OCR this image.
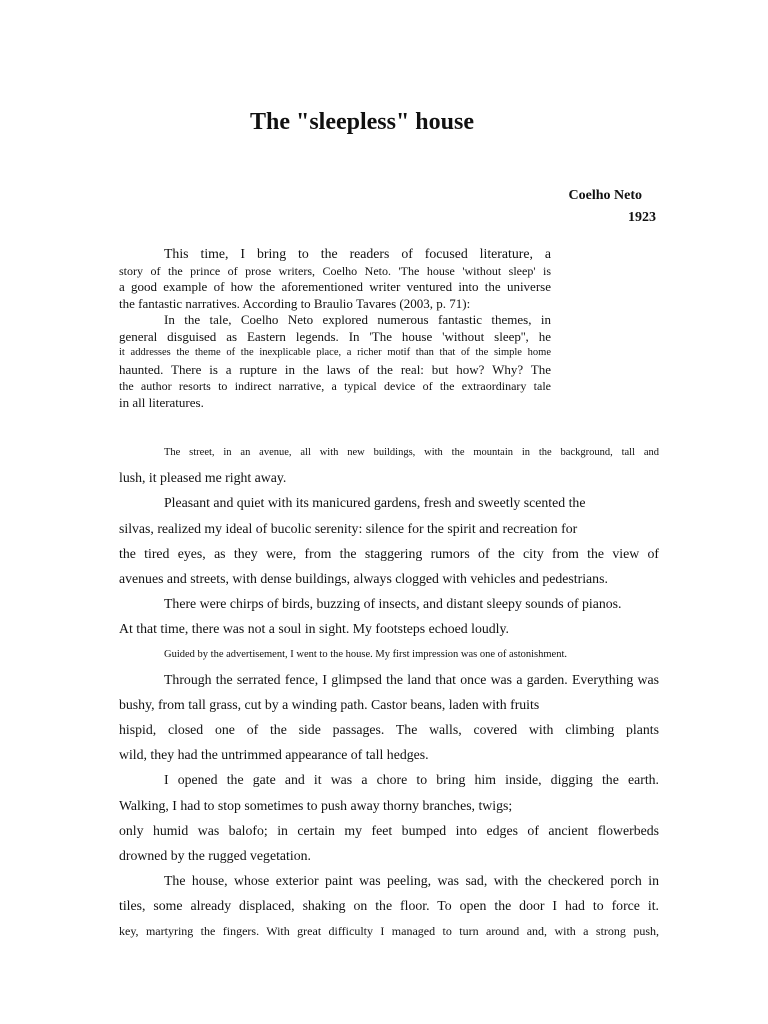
The "sleepless" house
Coelho Neto
1923
This time, I bring to the readers of focused literature, a
story of the prince of prose writers, Coelho Neto. 'The house 'without sleep' is
a good example of how the aforementioned writer ventured into the universe
the fantastic narratives. According to Braulio Tavares (2003, p. 71):
In the tale, Coelho Neto explored numerous fantastic themes, in
general disguised as Eastern legends. In 'The house 'without sleep'', he
it addresses the theme of the inexplicable place, a richer motif than that of the simple home
haunted. There is a rupture in the laws of the real: but how? Why? The
the author resorts to indirect narrative, a typical device of the extraordinary tale
in all literatures.
The street, in an avenue, all with new buildings, with the mountain in the background, tall and
lush, it pleased me right away.
Pleasant and quiet with its manicured gardens, fresh and sweetly scented the
silvas, realized my ideal of bucolic serenity: silence for the spirit and recreation for
the tired eyes, as they were, from the staggering rumors of the city from the view of
avenues and streets, with dense buildings, always clogged with vehicles and pedestrians.
There were chirps of birds, buzzing of insects, and distant sleepy sounds of pianos.
At that time, there was not a soul in sight. My footsteps echoed loudly.
Guided by the advertisement, I went to the house. My first impression was one of astonishment.
Through the serrated fence, I glimpsed the land that once was a garden. Everything was
bushy, from tall grass, cut by a winding path. Castor beans, laden with fruits
hispid, closed one of the side passages. The walls, covered with climbing plants
wild, they had the untrimmed appearance of tall hedges.
I opened the gate and it was a chore to bring him inside, digging the earth.
Walking, I had to stop sometimes to push away thorny branches, twigs;
only humid was balofo; in certain my feet bumped into edges of ancient flowerbeds
drowned by the rugged vegetation.
The house, whose exterior paint was peeling, was sad, with the checkered porch in
tiles, some already displaced, shaking on the floor. To open the door I had to force it.
key, martyring the fingers. With great difficulty I managed to turn around and, with a strong push,
